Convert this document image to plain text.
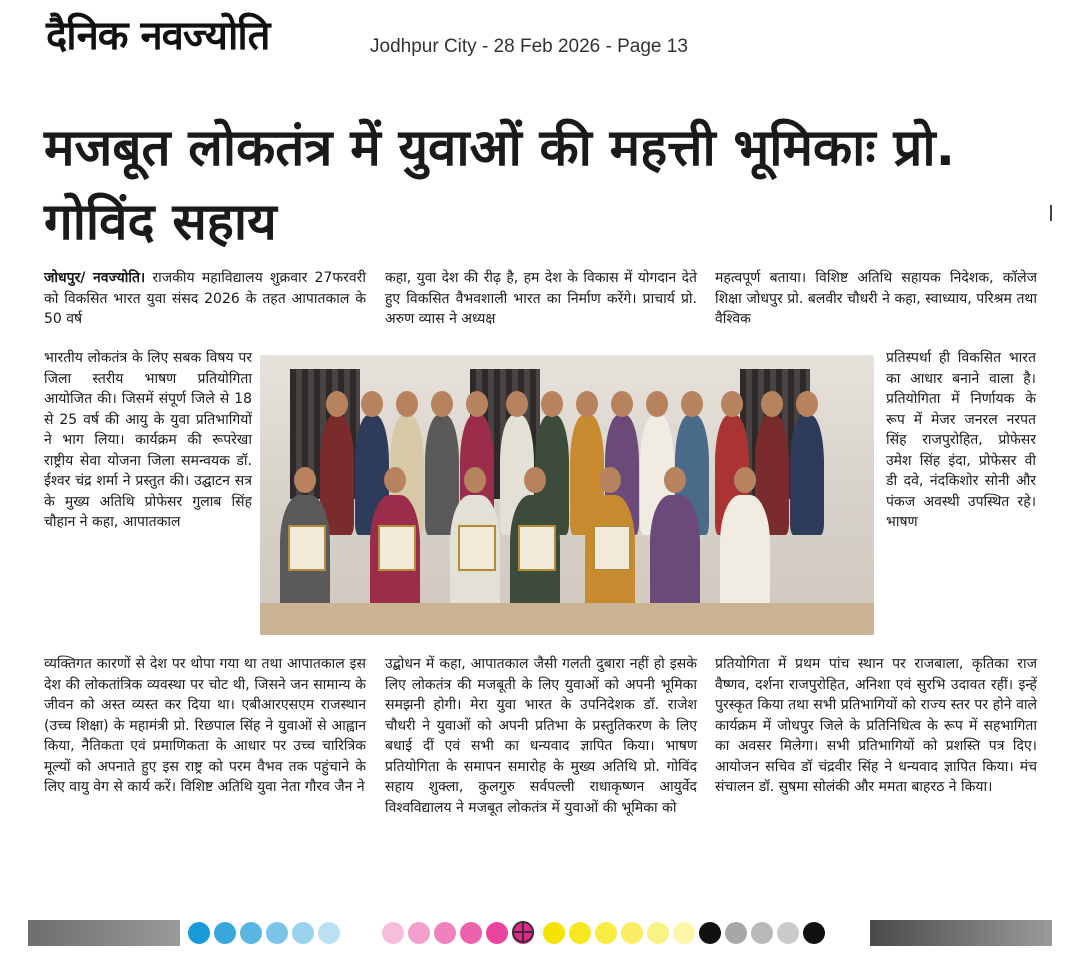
दैनिक नवज्योति	Jodhpur City - 28 Feb 2026 - Page 13
मजबूत लोकतंत्र में युवाओं की महत्ती भूमिकाः प्रो. गोविंद सहाय

जोधपुर/ नवज्योति। राजकीय महाविद्यालय शुक्रवार 27फरवरी को विकसित भारत युवा संसद 2026 के तहत आपातकाल के 50 वर्ष

भारतीय लोकतंत्र के लिए सबक विषय पर जिला स्तरीय भाषण प्रतियोगिता आयोजित की। जिसमें संपूर्ण जिले से 18 से 25 वर्ष की आयु के युवा प्रतिभागियों ने भाग लिया। कार्यक्रम की रूपरेखा राष्ट्रीय सेवा योजना जिला समन्वयक डॉ. ईश्वर चंद्र शर्मा ने प्रस्तुत की। उद्घाटन सत्र के मुख्य अतिथि प्रोफेसर गुलाब सिंह चौहान ने कहा, आपातकाल

व्यक्तिगत कारणों से देश पर थोपा गया था तथा आपातकाल इस देश की लोकतांत्रिक व्यवस्था पर चोट थी, जिसने जन सामान्य के जीवन को अस्त व्यस्त कर दिया था। एबीआरएसएम राजस्थान (उच्च शिक्षा) के महामंत्री प्रो. रिछपाल सिंह ने युवाओं से आह्वान किया, नैतिकता एवं प्रमाणिकता के आधार पर उच्च चारित्रिक मूल्यों को अपनाते हुए इस राष्ट्र को परम वैभव तक पहुंचाने के लिए वायु वेग से कार्य करें। विशिष्ट अतिथि युवा नेता गौरव जैन ने

कहा, युवा देश की रीढ़ है, हम देश के विकास में योगदान देते हुए विकसित वैभवशाली भारत का निर्माण करेंगे। प्राचार्य प्रो. अरुण व्यास ने अध्यक्ष

उद्बोधन में कहा, आपातकाल जैसी गलती दुबारा नहीं हो इसके लिए लोकतंत्र की मजबूती के लिए युवाओं को अपनी भूमिका समझनी होगी। मेरा युवा भारत के उपनिदेशक डॉ. राजेश चौधरी ने युवाओं को अपनी प्रतिभा के प्रस्तुतिकरण के लिए बधाई दीं एवं सभी का धन्यवाद ज्ञापित किया। भाषण प्रतियोगिता के समापन समारोह के मुख्य अतिथि प्रो. गोविंद सहाय शुक्ला, कुलगुरु सर्वपल्ली राधाकृष्णन आयुर्वेद विश्वविद्यालय ने मजबूत लोकतंत्र में युवाओं की भूमिका को

महत्वपूर्ण बताया। विशिष्ट अतिथि सहायक निदेशक, कॉलेज शिक्षा जोधपुर प्रो. बलवीर चौधरी ने कहा, स्वाध्याय, परिश्रम तथा वैश्विक

प्रतिस्पर्धा ही विकसित भारत का आधार बनाने वाला है। प्रतियोगिता में निर्णायक के रूप में मेजर जनरल नरपत सिंह राजपुरोहित, प्रोफेसर उमेश सिंह इंदा, प्रोफेसर वी डी दवे, नंदकिशोर सोनी और पंकज अवस्थी उपस्थित रहे। भाषण

प्रतियोगिता में प्रथम पांच स्थान पर राजबाला, कृतिका राज वैष्णव, दर्शना राजपुरोहित, अनिशा एवं सुरभि उदावत रहीं। इन्हें पुरस्कृत किया तथा सभी प्रतिभागियों को राज्य स्तर पर होने वाले कार्यक्रम में जोधपुर जिले के प्रतिनिधित्व के रूप में सहभागिता का अवसर मिलेगा। सभी प्रतिभागियों को प्रशस्ति पत्र दिए। आयोजन सचिव डॉ चंद्रवीर सिंह ने धन्यवाद ज्ञापित किया। मंच संचालन डॉ. सुषमा सोलंकी और ममता बाहरठ ने किया।
